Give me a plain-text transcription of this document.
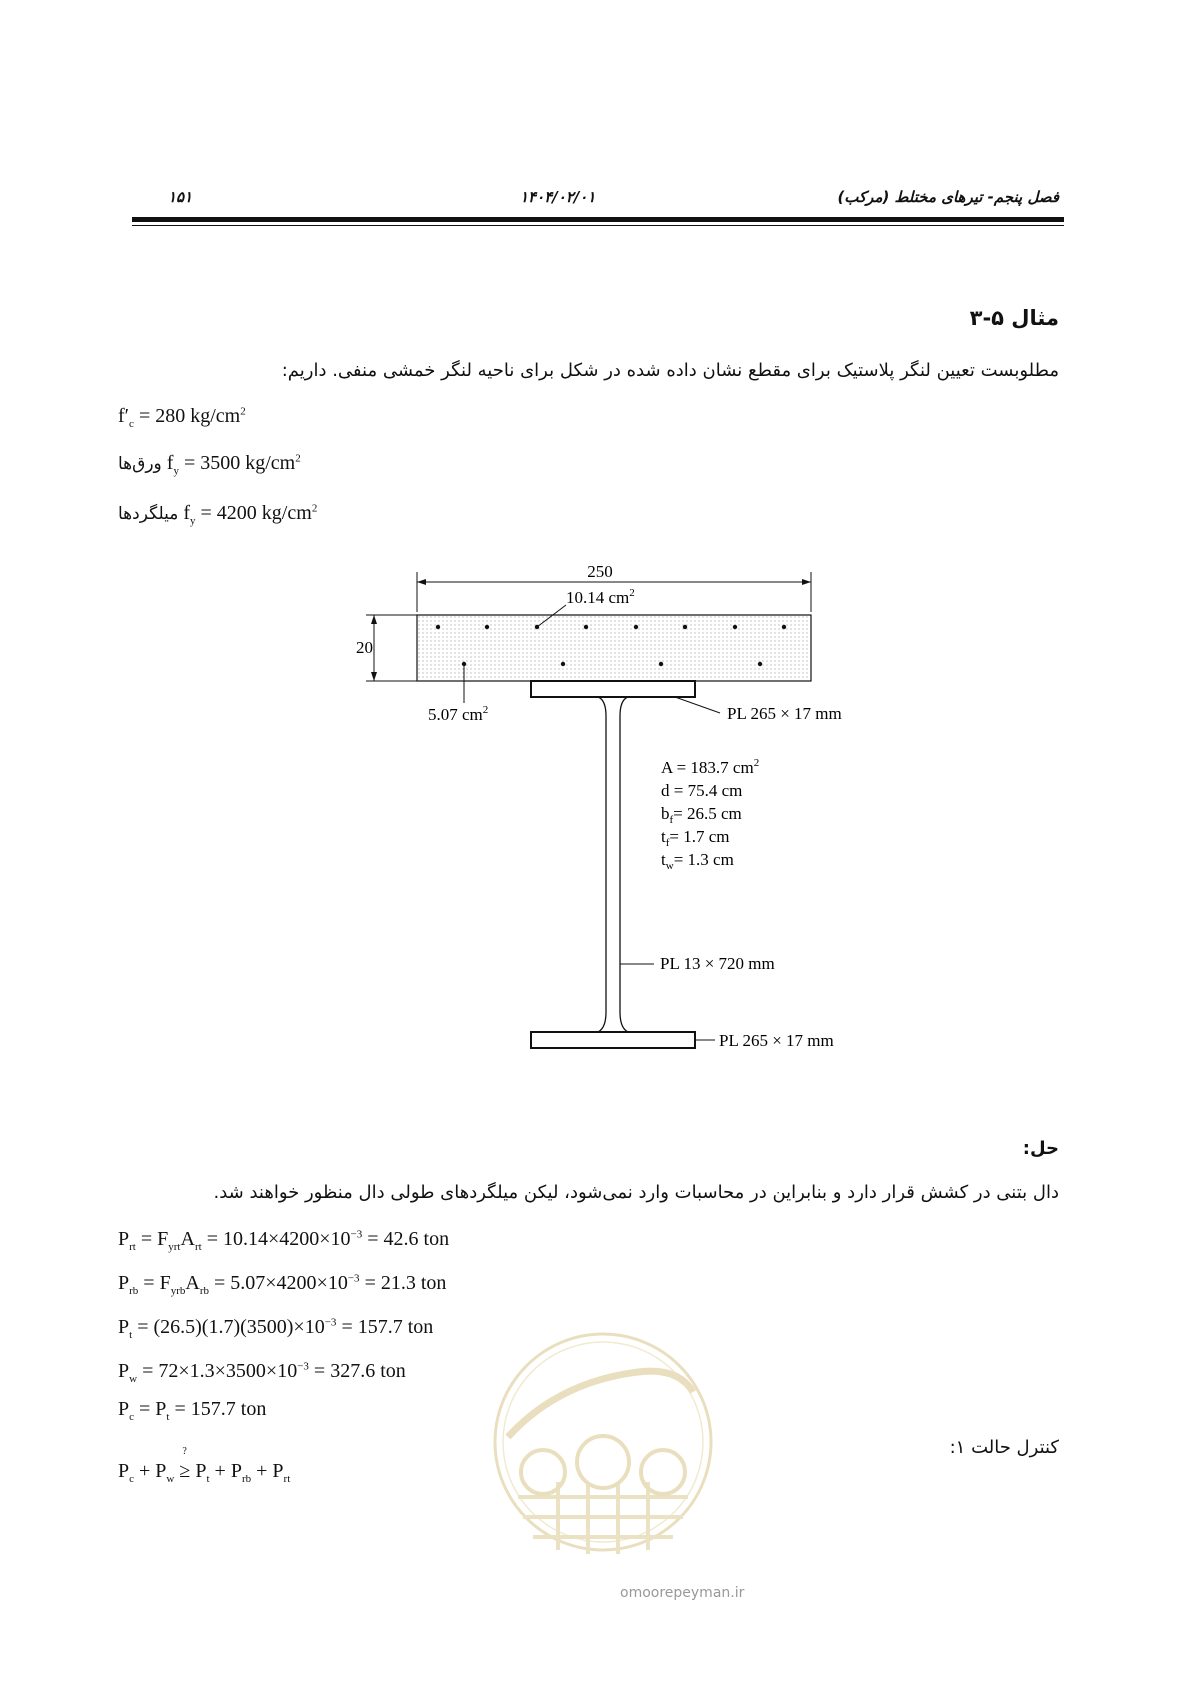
فصل پنجم- تیرهای مختلط (مرکب)
۱۴۰۴/۰۲/۰۱
۱۵۱
مثال ۵-۳
مطلوبست تعیین لنگر پلاستیک برای مقطع نشان داده شده در شکل برای ناحیه لنگر خمشی منفی. داریم:
$f'_c = 280$ $kg/cm^2$
ورق‌ها $f_y = 3500$ $kg/cm^2$
میلگردها $f_y = 4200$ $kg/cm^2$
250
20
10.14 $cm^2$
5.07 $cm^2$	PL 265 × 17 mm
PL 265 × 17 mm
PL 13 × 720 mm
A = 183.7 $cm^2$
d = 75.4 cm
$b_f= 26.5$ cm
$t_f= 1.7$ cm
$t_w= 1.3$ cm
حل:
دال بتنی در کشش قرار دارد و بنابراین در محاسبات وارد نمی‌شود، لیکن میلگردهای طولی دال منظور خواهند شد.
$P_{rt} = F_{yrt}A_{rt} = 10.14\times 4200\times 10^{-3} = 42.6$ ton
$P_{rb} = F_{yrb}A_{rb} = 5.07\times 4200\times 10^{-3} = 21.3$ ton
$P_t = (26.5)(1.7)(3500)\times 10^{-3} = 157.7$ ton
$P_w = 72\times 1.3\times 3500\times 10^{-3} = 327.6$ ton
$P_c = P_t = 157.7$ ton
کنترل حالت ۱:
$P_c + P_w$ ≥
?
$P_t + P_{rb} + P_{rt}$
omoorepeyman.ir
